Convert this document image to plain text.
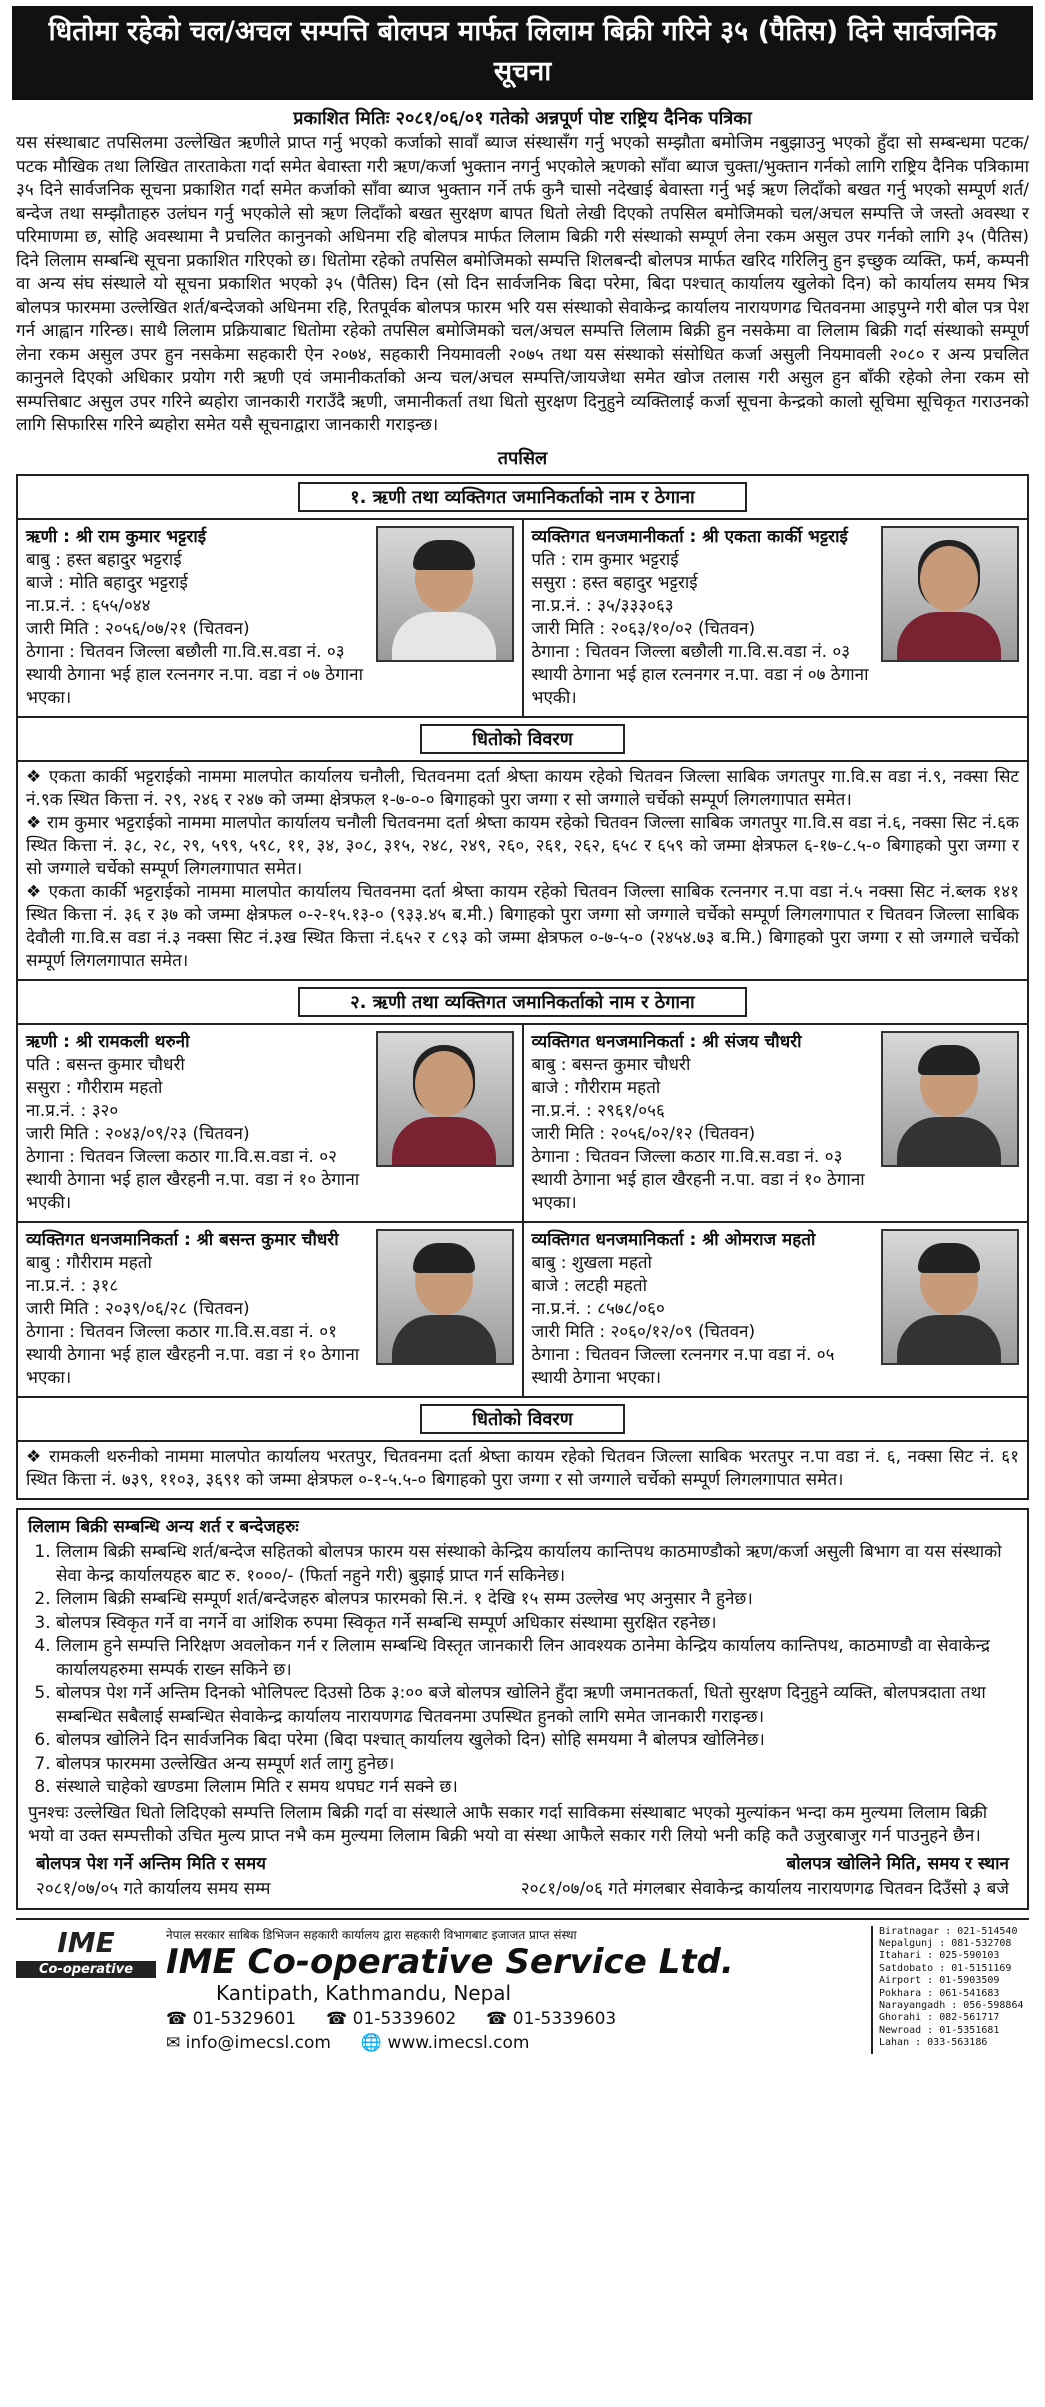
धितोमा रहेको चल/अचल सम्पत्ति बोलपत्र मार्फत लिलाम बिक्री गरिने ३५ (पैतिस) दिने सार्वजनिक सूचना
प्रकाशित मितिः २०८१/०६/०१ गतेको अन्नपूर्ण पोष्ट राष्ट्रिय दैनिक पत्रिका
यस संस्थाबाट तपसिलमा उल्लेखित ऋणीले प्राप्त गर्नु भएको कर्जाको सावाँ ब्याज संस्थासँग गर्नु भएको सम्झौता बमोजिम नबुझाउनु भएको हुँदा सो सम्बन्धमा पटक/पटक मौखिक तथा लिखित तारताकेता गर्दा समेत बेवास्ता गरी ऋण/कर्जा भुक्तान नगर्नु भएकोले ऋणको साँवा ब्याज चुक्ता/भुक्तान गर्नको लागि राष्ट्रिय दैनिक पत्रिकामा ३५ दिने सार्वजनिक सूचना प्रकाशित गर्दा समेत कर्जाको साँवा ब्याज भुक्तान गर्ने तर्फ कुनै चासो नदेखाई बेवास्ता गर्नु भई ऋण लिदाँको बखत गर्नु भएको सम्पूर्ण शर्त/बन्देज तथा सम्झौताहरु उलंघन गर्नु भएकोले सो ऋण लिदाँको बखत सुरक्षण बापत धितो लेखी दिएको तपसिल बमोजिमको चल/अचल सम्पत्ति जे जस्तो अवस्था र परिमाणमा छ, सोहि अवस्थामा नै प्रचलित कानुनको अधिनमा रहि बोलपत्र मार्फत लिलाम बिक्री गरी संस्थाको सम्पूर्ण लेना रकम असुल उपर गर्नको लागि ३५ (पैतिस) दिने लिलाम सम्बन्धि सूचना प्रकाशित गरिएको छ। धितोमा रहेको तपसिल बमोजिमको सम्पत्ति शिलबन्दी बोलपत्र मार्फत खरिद गरिलिनु हुन इच्छुक व्यक्ति, फर्म, कम्पनी वा अन्य संघ संस्थाले यो सूचना प्रकाशित भएको ३५ (पैतिस) दिन (सो दिन सार्वजनिक बिदा परेमा, बिदा पश्चात् कार्यालय खुलेको दिन) को कार्यालय समय भित्र बोलपत्र फारममा उल्लेखित शर्त/बन्देजको अधिनमा रहि, रितपूर्वक बोलपत्र फारम भरि यस संस्थाको सेवाकेन्द्र कार्यालय नारायणगढ चितवनमा आइपुग्ने गरी बोल पत्र पेश गर्न आह्वान गरिन्छ। साथै लिलाम प्रक्रियाबाट धितोमा रहेको तपसिल बमोजिमको चल/अचल सम्पत्ति लिलाम बिक्री हुन नसकेमा वा लिलाम बिक्री गर्दा संस्थाको सम्पूर्ण लेना रकम असुल उपर हुन नसकेमा सहकारी ऐन २०७४, सहकारी नियमावली २०७५ तथा यस संस्थाको संसोधित कर्जा असुली नियमावली २०८० र अन्य प्रचलित कानुनले दिएको अधिकार प्रयोग गरी ऋणी एवं जमानीकर्ताको अन्य चल/अचल सम्पत्ति/जायजेथा समेत खोज तलास गरी असुल हुन बाँकी रहेको लेना रकम सो सम्पत्तिबाट असुल उपर गरिने ब्यहोरा जानकारी गराउँदै ऋणी, जमानीकर्ता तथा धितो सुरक्षण दिनुहुने व्यक्तिलाई कर्जा सूचना केन्द्रको कालो सूचिमा सूचिकृत गराउनको लागि सिफारिस गरिने ब्यहोरा समेत यसै सूचनाद्वारा जानकारी गराइन्छ।
तपसिल
१. ऋणी तथा व्यक्तिगत जमानिकर्ताको नाम र ठेगाना
ऋणी : श्री राम कुमार भट्टराई
बाबु : हस्त बहादुर भट्टराई
बाजे : मोति बहादुर भट्टराई
ना.प्र.नं. : ६५५/०४४
जारी मिति : २०५६/०७/२१ (चितवन)
ठेगाना : चितवन जिल्ला बछौली गा.वि.स.वडा नं. ०३ स्थायी ठेगाना भई हाल रत्ननगर न.पा. वडा नं ०७ ठेगाना भएका।
व्यक्तिगत धनजमानीकर्ता : श्री एकता कार्की भट्टराई
पति : राम कुमार भट्टराई
ससुरा : हस्त बहादुर भट्टराई
ना.प्र.नं. : ३५/३३३०६३
जारी मिति : २०६३/१०/०२ (चितवन)
ठेगाना : चितवन जिल्ला बछौली गा.वि.स.वडा नं. ०३ स्थायी ठेगाना भई हाल रत्ननगर न.पा. वडा नं ०७ ठेगाना भएकी।
धितोको विवरण

❖ एकता कार्की भट्टराईको नाममा मालपोत कार्यालय चनौली, चितवनमा दर्ता श्रेष्ता कायम रहेको चितवन जिल्ला साबिक जगतपुर गा.वि.स वडा नं.९, नक्सा सिट नं.९क स्थित कित्ता नं. २९, २४६ र २४७ को जम्मा क्षेत्रफल १-७-०-० बिगाहको पुरा जग्गा र सो जग्गाले चर्चेको सम्पूर्ण लिगलगापात समेत।

❖ राम कुमार भट्टराईको नाममा मालपोत कार्यालय चनौली चितवनमा दर्ता श्रेष्ता कायम रहेको चितवन जिल्ला साबिक जगतपुर गा.वि.स वडा नं.६, नक्सा सिट नं.६क स्थित कित्ता नं. ३८, २८, २९, ५९९, ५९८, ११, ३४, ३०८, ३१५, २४८, २४९, २६०, २६१, २६२, ६५८ र ६५९ को जम्मा क्षेत्रफल ६-१७-८.५-० बिगाहको पुरा जग्गा र सो जग्गाले चर्चेको सम्पूर्ण लिगलगापात समेत।

❖ एकता कार्की भट्टराईको नाममा मालपोत कार्यालय चितवनमा दर्ता श्रेष्ता कायम रहेको चितवन जिल्ला साबिक रत्ननगर न.पा वडा नं.५ नक्सा सिट नं.ब्लक १४१ स्थित कित्ता नं. ३६ र ३७ को जम्मा क्षेत्रफल ०-२-१५.१३-० (९३३.४५ ब.मी.) बिगाहको पुरा जग्गा सो जग्गाले चर्चेको सम्पूर्ण लिगलगापात र चितवन जिल्ला साबिक देवौली गा.वि.स वडा नं.३ नक्सा सिट नं.३ख स्थित कित्ता नं.६५२ र ८९३ को जम्मा क्षेत्रफल ०-७-५-० (२४५४.७३ ब.मि.) बिगाहको पुरा जग्गा र सो जग्गाले चर्चेको सम्पूर्ण लिगलगापात समेत।

२. ऋणी तथा व्यक्तिगत जमानिकर्ताको नाम र ठेगाना
ऋणी : श्री रामकली थरुनी
पति : बसन्त कुमार चौधरी
ससुरा : गौरीराम महतो
ना.प्र.नं. : ३२०
जारी मिति : २०४३/०९/२३ (चितवन)
ठेगाना : चितवन जिल्ला कठार गा.वि.स.वडा नं. ०२ स्थायी ठेगाना भई हाल खैरहनी न.पा. वडा नं १० ठेगाना भएकी।
व्यक्तिगत धनजमानिकर्ता : श्री संजय चौधरी
बाबु : बसन्त कुमार चौधरी
बाजे : गौरीराम महतो
ना.प्र.नं. : २९६१/०५६
जारी मिति : २०५६/०२/१२ (चितवन)
ठेगाना : चितवन जिल्ला कठार गा.वि.स.वडा नं. ०३ स्थायी ठेगाना भई हाल खैरहनी न.पा. वडा नं १० ठेगाना भएका।
व्यक्तिगत धनजमानिकर्ता : श्री बसन्त कुमार चौधरी
बाबु : गौरीराम महतो
ना.प्र.नं. : ३१८
जारी मिति : २०३९/०६/२८ (चितवन)
ठेगाना : चितवन जिल्ला कठार गा.वि.स.वडा नं. ०१ स्थायी ठेगाना भई हाल खैरहनी न.पा. वडा नं १० ठेगाना भएका।
व्यक्तिगत धनजमानिकर्ता : श्री ओमराज महतो
बाबु : शुखला महतो
बाजे : लटही महतो
ना.प्र.नं. : ८५७८/०६०
जारी मिति : २०६०/१२/०९ (चितवन)
ठेगाना : चितवन जिल्ला रत्ननगर न.पा वडा नं. ०५ स्थायी ठेगाना भएका।
धितोको विवरण

❖ रामकली थरुनीको नाममा मालपोत कार्यालय भरतपुर, चितवनमा दर्ता श्रेष्ता कायम रहेको चितवन जिल्ला साबिक भरतपुर न.पा वडा नं. ६, नक्सा सिट नं. ६१ स्थित कित्ता नं. ७३९, ११०३, ३६९१ को जम्मा क्षेत्रफल ०-१-५.५-० बिगाहको पुरा जग्गा र सो जग्गाले चर्चेको सम्पूर्ण लिगलगापात समेत।

लिलाम बिक्री सम्बन्धि अन्य शर्त र बन्देजहरुः
1. लिलाम बिक्री सम्बन्धि शर्त/बन्देज सहितको बोलपत्र फारम यस संस्थाको केन्द्रिय कार्यालय कान्तिपथ काठमाण्डौको ऋण/कर्जा असुली बिभाग वा यस संस्थाको सेवा केन्द्र कार्यालयहरु बाट रु. १०००/- (फिर्ता नहुने गरी) बुझाई प्राप्त गर्न सकिनेछ।
2. लिलाम बिक्री सम्बन्धि सम्पूर्ण शर्त/बन्देजहरु बोलपत्र फारमको सि.नं. १ देखि १५ सम्म उल्लेख भए अनुसार नै हुनेछ।
3. बोलपत्र स्विकृत गर्ने वा नगर्ने वा आंशिक रुपमा स्विकृत गर्ने सम्बन्धि सम्पूर्ण अधिकार संस्थामा सुरक्षित रहनेछ।
4. लिलाम हुने सम्पत्ति निरिक्षण अवलोकन गर्न र लिलाम सम्बन्धि विस्तृत जानकारी लिन आवश्यक ठानेमा केन्द्रिय कार्यालय कान्तिपथ, काठमाण्डौ वा सेवाकेन्द्र कार्यालयहरुमा सम्पर्क राख्न सकिने छ।
5. बोलपत्र पेश गर्ने अन्तिम दिनको भोलिपल्ट दिउसो ठिक ३:०० बजे बोलपत्र खोलिने हुँदा ऋणी जमानतकर्ता, धितो सुरक्षण दिनुहुने व्यक्ति, बोलपत्रदाता तथा सम्बन्धित सबैलाई सम्बन्धित सेवाकेन्द्र कार्यालय नारायणगढ चितवनमा उपस्थित हुनको लागि समेत जानकारी गराइन्छ।
6. बोलपत्र खोलिने दिन सार्वजनिक बिदा परेमा (बिदा पश्चात् कार्यालय खुलेको दिन) सोहि समयमा नै बोलपत्र खोलिनेछ।
7. बोलपत्र फारममा उल्लेखित अन्य सम्पूर्ण शर्त लागु हुनेछ।
8. संस्थाले चाहेको खण्डमा लिलाम मिति र समय थपघट गर्न सक्ने छ।
पुनश्चः उल्लेखित धितो लिदिएको सम्पत्ति लिलाम बिक्री गर्दा वा संस्थाले आफै सकार गर्दा साविकमा संस्थाबाट भएको मुल्यांकन भन्दा कम मुल्यमा लिलाम बिक्री भयो वा उक्त सम्पत्तीको उचित मुल्य प्राप्त नभै कम मुल्यमा लिलाम बिक्री भयो वा संस्था आफैले सकार गरी लियो भनी कहि कतै उजुरबाजुर गर्न पाउनुहने छैन।
बोलपत्र पेश गर्ने अन्तिम मिति र समय	बोलपत्र खोलिने मिति, समय र स्थान
२०८१/०७/०५ गते कार्यालय समय सम्म	२०८१/०७/०६ गते मंगलबार सेवाकेन्द्र कार्यालय नारायणगढ चितवन दिउँसो ३ बजे
IME
Co-operative
नेपाल सरकार साबिक डिभिजन सहकारी कार्यालय द्वारा सहकारी विभागबाट इजाजत प्राप्त संस्था
IME Co-operative Service Ltd.
Kantipath, Kathmandu, Nepal
☎ 01-5329601 ☎ 01-5339602 ☎ 01-5339603
✉ info@imecsl.com 🌐 www.imecsl.com
Biratnagar : 021-514540
Nepalgunj : 081-532708
Itahari : 025-590103
Satdobato : 01-5151169
Airport : 01-5903509
Pokhara : 061-541683
Narayangadh : 056-598864
Ghorahi : 082-561717
Newroad : 01-5351681
Lahan : 033-563186
